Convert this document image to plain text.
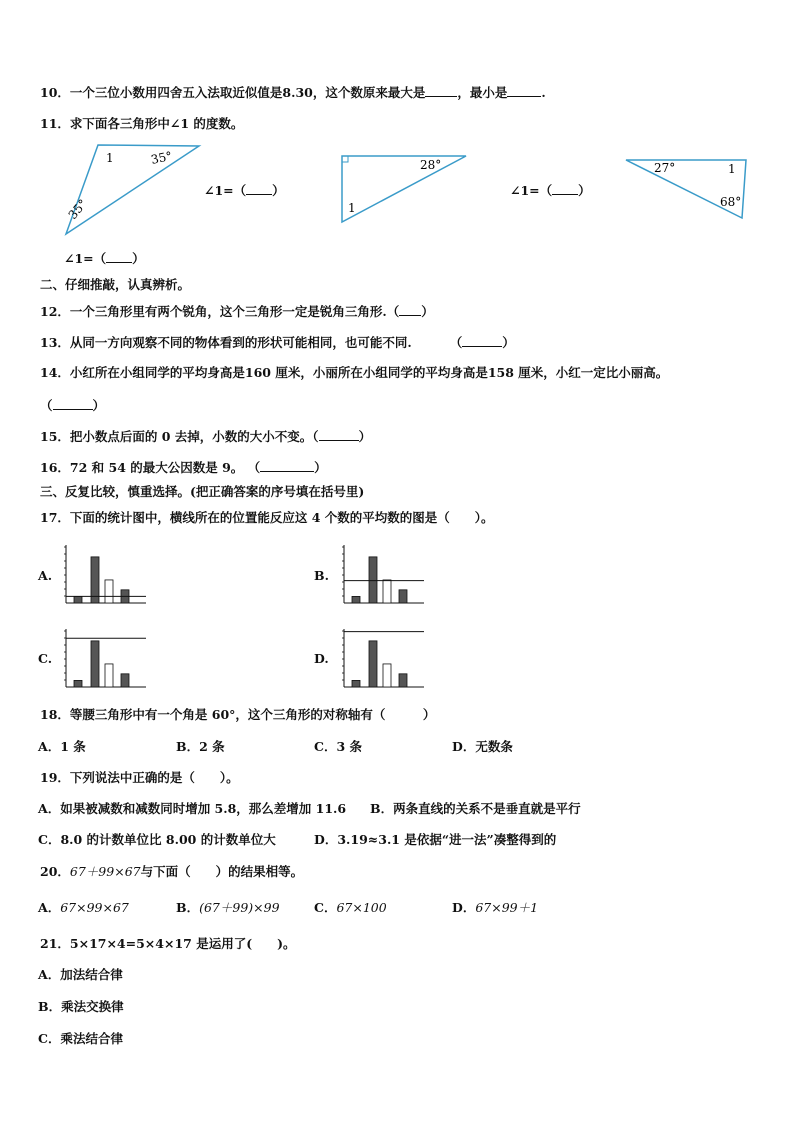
10．一个三位小数用四舍五入法取近似值是8.30，这个数原来最大是	，最小是	.
11．求下面各三角形中∠1 的度数。
1	35°
35°
∠1=（ ）
28°
1
∠1=（ ）
27°	1
68°
∠1=（ ）
二、仔细推敲，认真辨析。
12．一个三角形里有两个锐角，这个三角形一定是锐角三角形.（ ）
13．从同一方向观察不同的物体看到的形状可能相同，也可能不同.	（	）
14．小红所在小组同学的平均身高是160 厘米，小丽所在小组同学的平均身高是158 厘米，小红一定比小丽高。
（	）
15．把小数点后面的 0 去掉，小数的大小不变。（	）
16．72 和 54 的最大公因数是 9。 （	）
三、反复比较，慎重选择。(把正确答案的序号填在括号里)
17．下面的统计图中，横线所在的位置能反应这 4 个数的平均数的图是（　　）。
A.	B.
C.	D.
18．等腰三角形中有一个角是 60°，这个三角形的对称轴有（　　　）
A．1 条	B．2 条	C．3 条	D．无数条
19．下列说法中正确的是（　　）。
A．如果被减数和减数同时增加 5.8，那么差增加 11.6 B．两条直线的关系不是垂直就是平行
C．8.0 的计数单位比 8.00 的计数单位大	D．3.19≈3.1 是依据“进一法”凑整得到的
20．67＋99×67与下面（　　）的结果相等。
A．67×99×67	B．(67＋99)×99	C．67×100	D．67×99＋1
21．5×17×4=5×4×17 是运用了(　　)。
A．加法结合律
B．乘法交换律
C．乘法结合律
